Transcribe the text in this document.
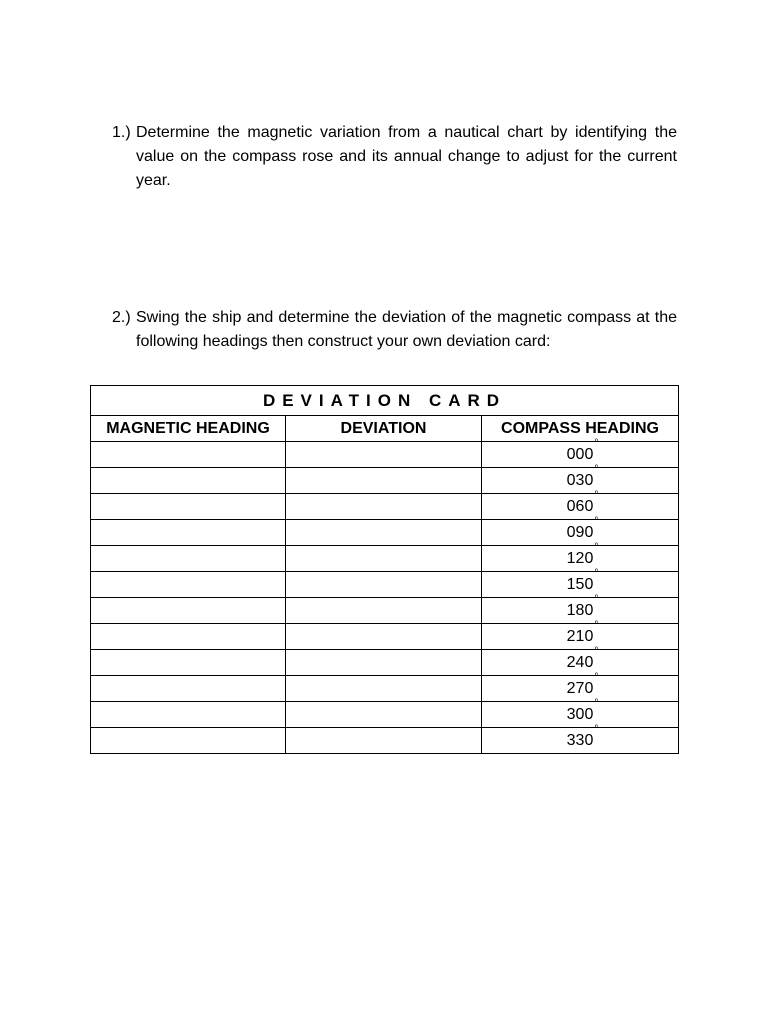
1.) Determine the magnetic variation from a nautical chart by identifying the value on the compass rose and its annual change to adjust for the current year.
2.) Swing the ship and determine the deviation of the magnetic compass at the following headings then construct your own deviation card:
DEVIATION CARD		
MAGNETIC HEADING	DEVIATION	COMPASS HEADING
		000
°

		030
°

		060
°

		090
°

		120
°

		150
°

		180
°

		210
°

		240
°

		270
°

		300
°

		330
°
